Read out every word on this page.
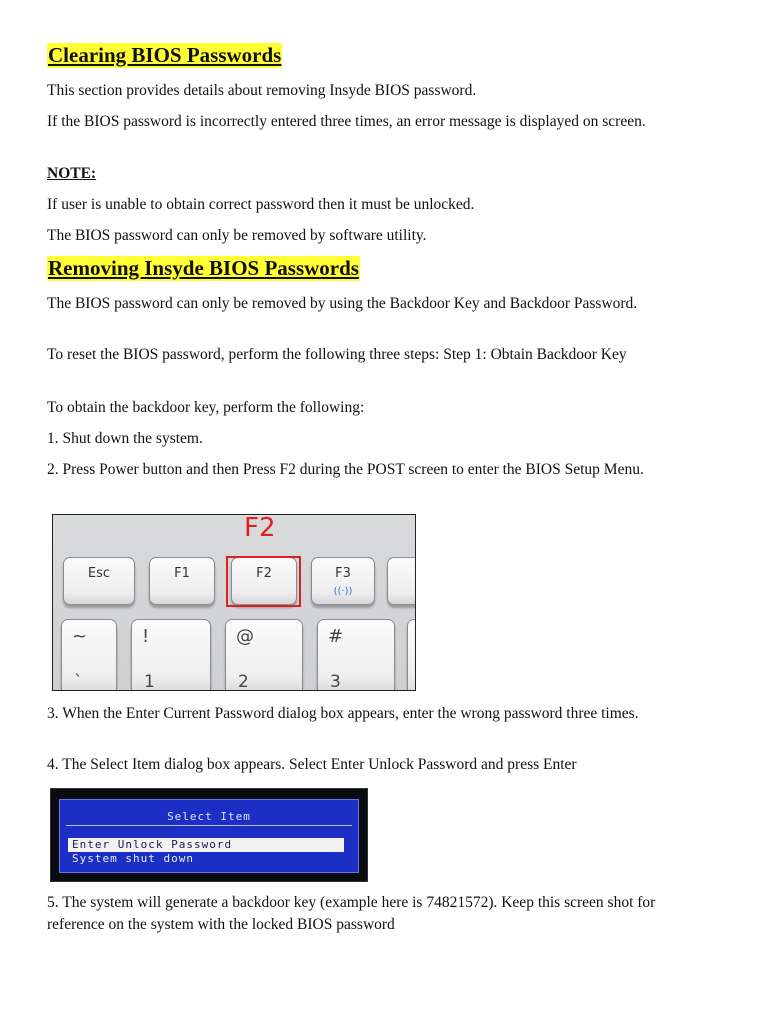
Clearing BIOS Passwords

This section provides details about removing Insyde BIOS password.

If the BIOS password is incorrectly entered three times, an error message is displayed on screen.

NOTE:

If user is unable to obtain correct password then it must be unlocked.

The BIOS password can only be removed by software utility.

Removing Insyde BIOS Passwords

The BIOS password can only be removed by using the Backdoor Key and Backdoor Password.

To reset the BIOS password, perform the following three steps: Step 1: Obtain Backdoor Key

To obtain the backdoor key, perform the following:

1. Shut down the system.

2. Press Power button and then Press F2 during the POST screen to enter the BIOS Setup Menu.

3. When the Enter Current Password dialog box appears, enter the wrong password three times.

4. The Select Item dialog box appears. Select Enter Unlock Password and press Enter

5. The system will generate a backdoor key (example here is 74821572). Keep this screen shot for reference on the system with the locked BIOS password

Esc	F1	F2	F3
((·))
~
`
!
1
@
2
#
3
F2
Select Item
Enter Unlock Password
System shut down
